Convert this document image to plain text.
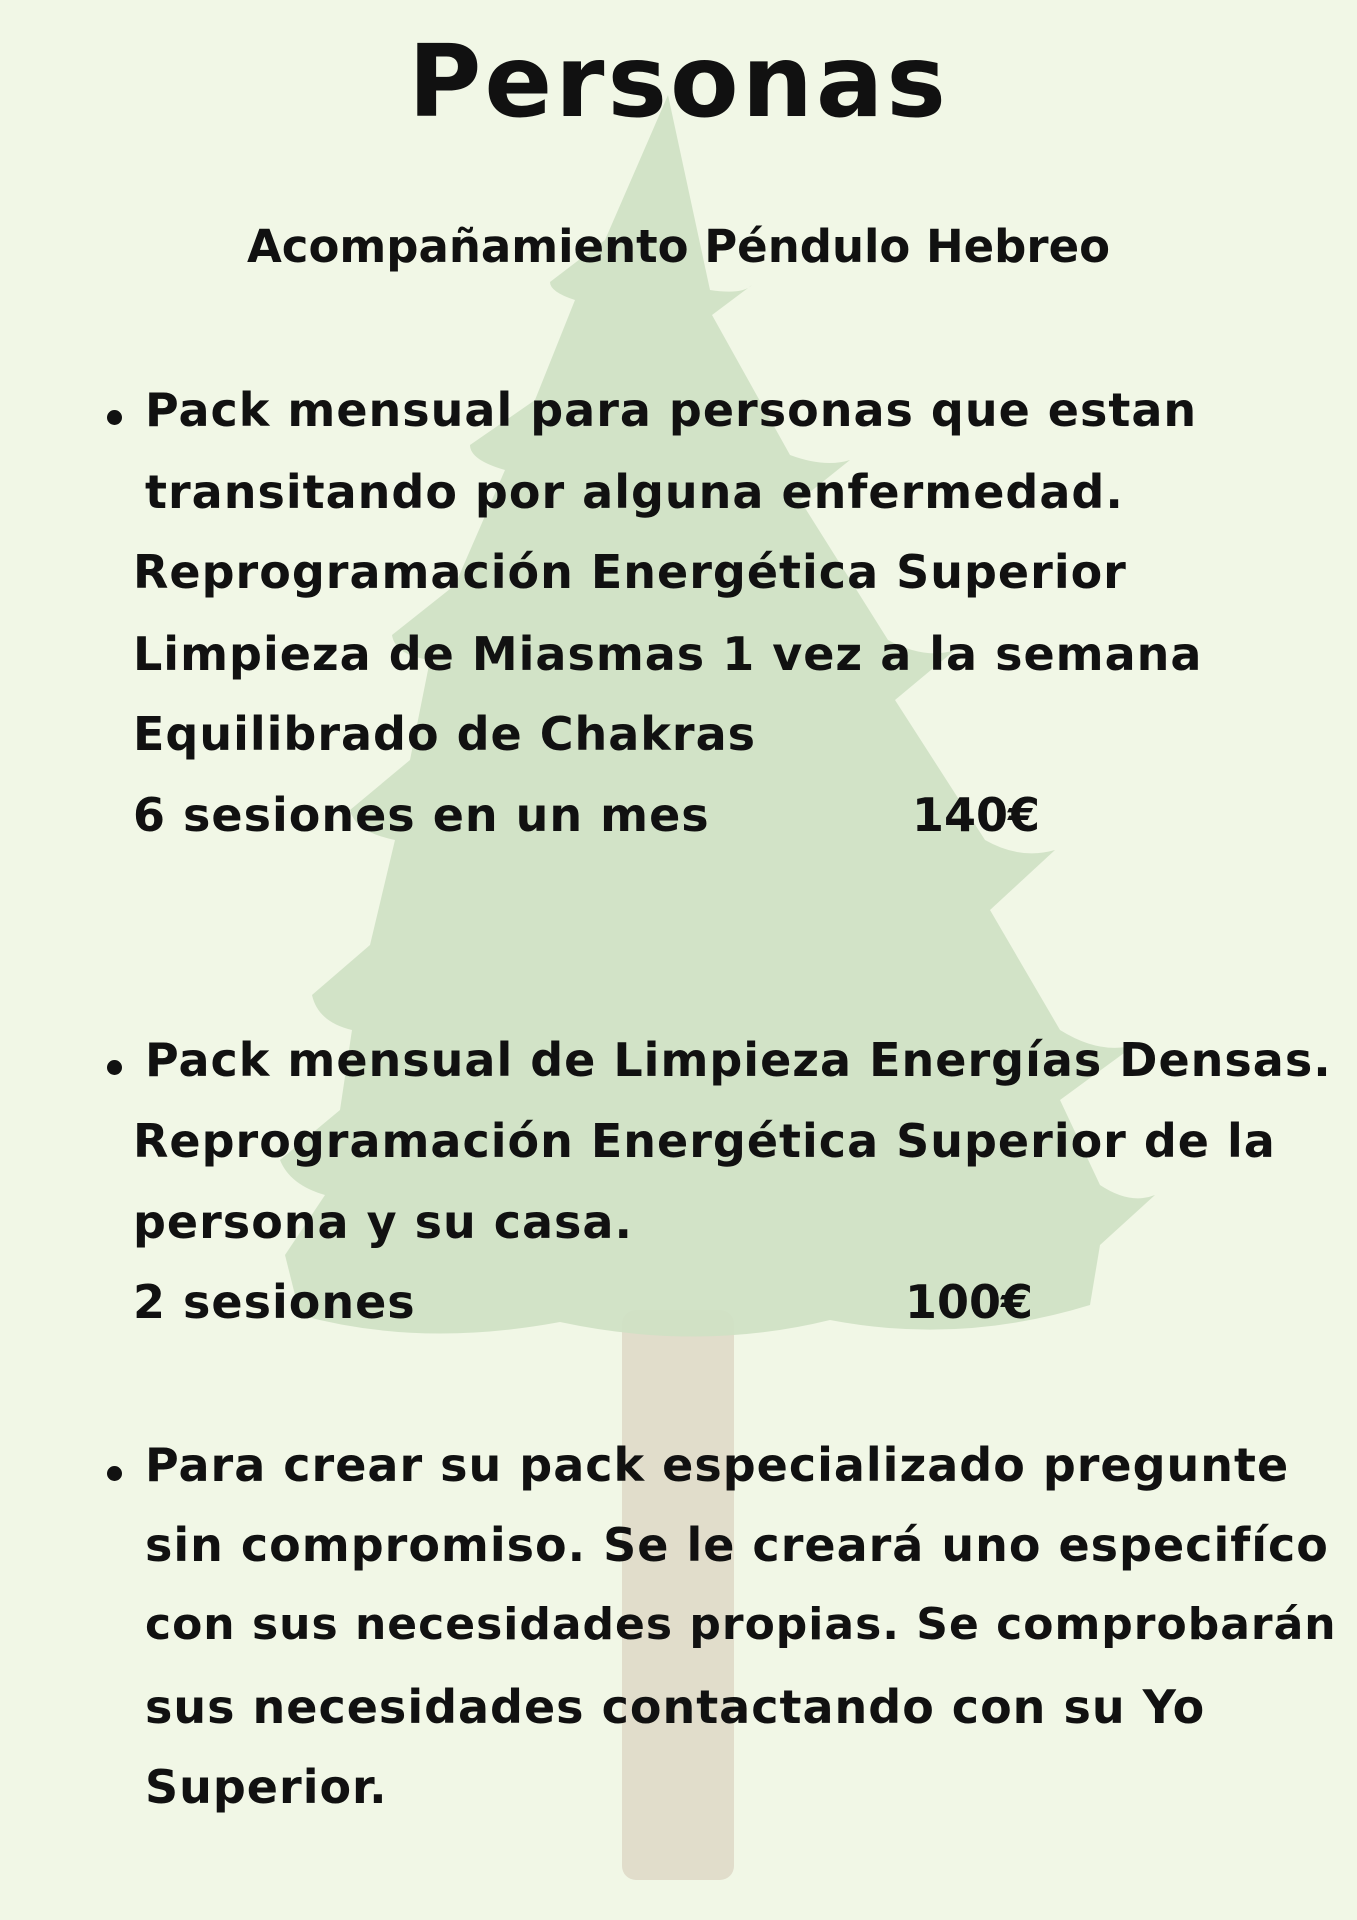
Personas
Acompañamiento Péndulo Hebreo
Pack mensual para personas que estan
transitando por alguna enfermedad.
Reprogramación Energética Superior
Limpieza de Miasmas 1 vez a la semana
Equilibrado de Chakras
6 sesiones en un mes	140€
Pack mensual de Limpieza Energías Densas.
Reprogramación Energética Superior de la
persona y su casa.
2 sesiones	100€
Para crear su pack especializado pregunte
sin compromiso. Se le creará uno especifíco
con sus necesidades propias. Se comprobarán
sus necesidades contactando con su Yo
Superior.
